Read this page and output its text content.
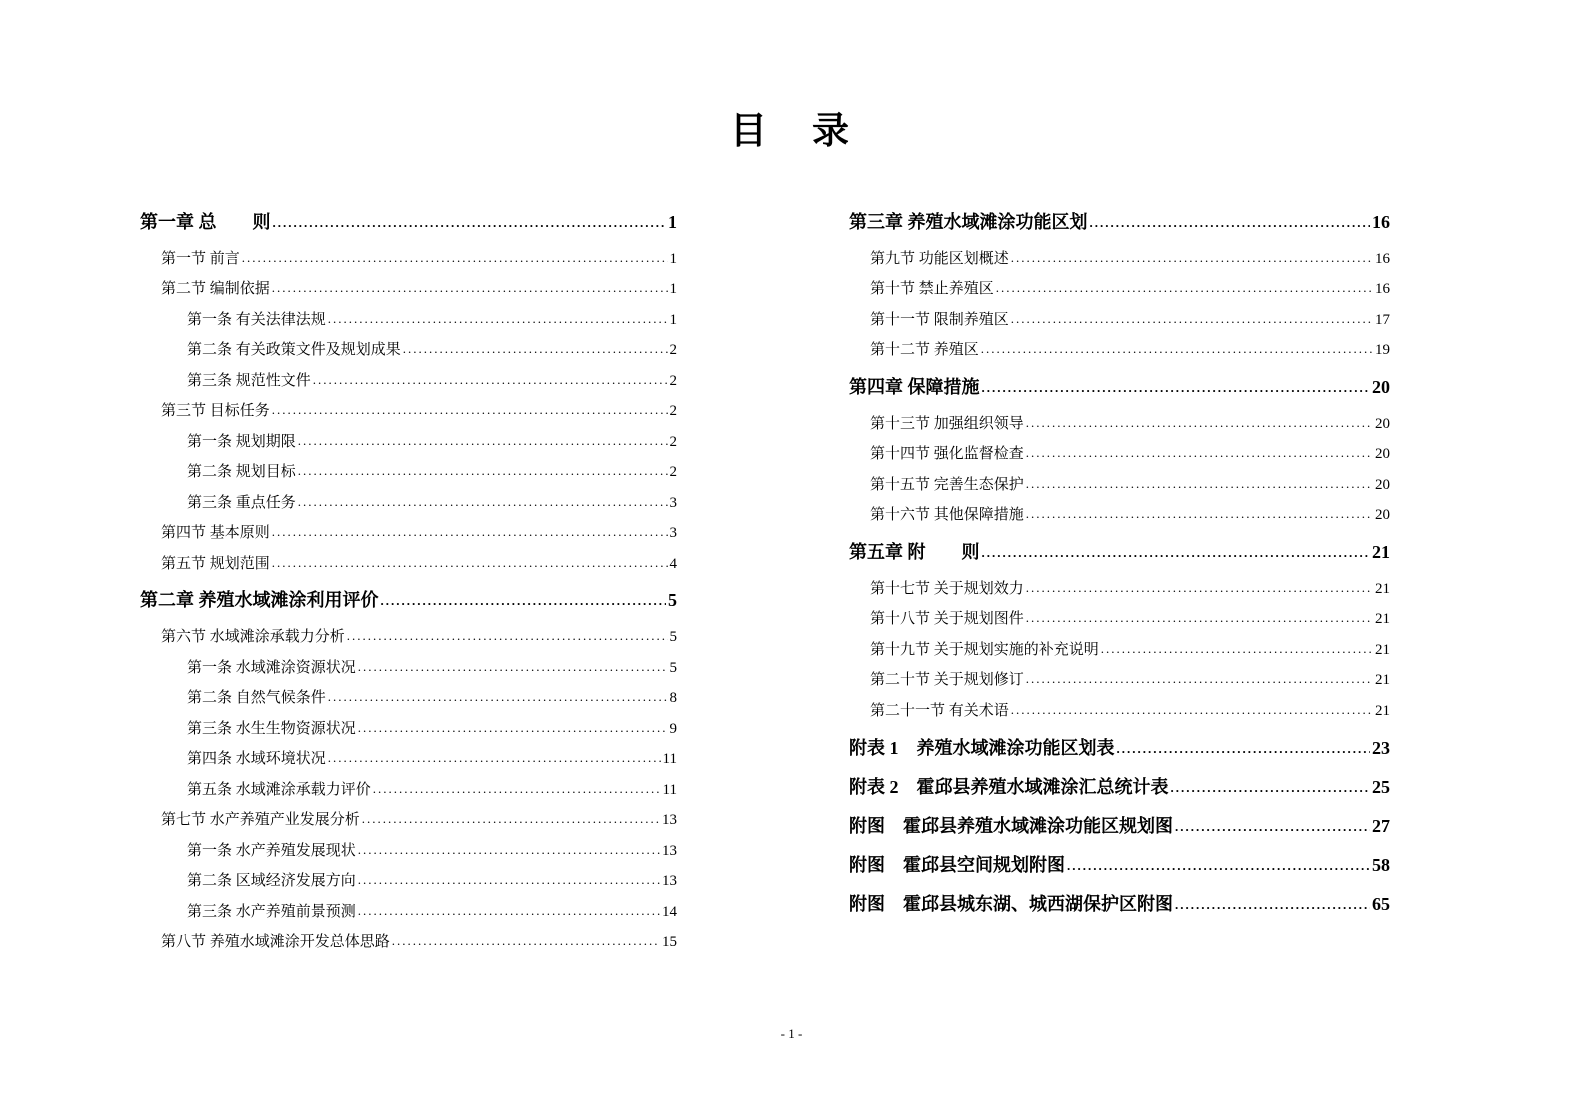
目　录
第一章 总　　则 .....	1
第一节 前言 .....	1
第二节 编制依据 .....	1
第一条 有关法律法规 .....	1
第二条 有关政策文件及规划成果 .....	2
第三条 规范性文件 .....	2
第三节 目标任务 .....	2
第一条 规划期限 .....	2
第二条 规划目标 .....	2
第三条 重点任务 .....	3
第四节 基本原则 .....	3
第五节 规划范围 .....	4
第二章 养殖水域滩涂利用评价 .....	5
第六节 水域滩涂承载力分析 .....	5
第一条 水域滩涂资源状况 .....	5
第二条 自然气候条件 .....	8
第三条 水生生物资源状况 .....	9
第四条 水域环境状况 .....	11
第五条 水域滩涂承载力评价 .....	11
第七节 水产养殖产业发展分析 .....	13
第一条 水产养殖发展现状 .....	13
第二条 区域经济发展方向 .....	13
第三条 水产养殖前景预测 .....	14
第八节 养殖水域滩涂开发总体思路 .....	15
第三章 养殖水域滩涂功能区划 .....	16
第九节 功能区划概述 .....	16
第十节 禁止养殖区 .....	16
第十一节 限制养殖区 .....	17
第十二节 养殖区 .....	19
第四章 保障措施 .....	20
第十三节 加强组织领导 .....	20
第十四节 强化监督检查 .....	20
第十五节 完善生态保护 .....	20
第十六节 其他保障措施 .....	20
第五章 附　　则 .....	21
第十七节 关于规划效力 .....	21
第十八节 关于规划图件 .....	21
第十九节 关于规划实施的补充说明 .....	21
第二十节 关于规划修订 .....	21
第二十一节 有关术语 .....	21
附表 1　养殖水域滩涂功能区划表 .....	23
附表 2　霍邱县养殖水域滩涂汇总统计表 .....	25
附图　霍邱县养殖水域滩涂功能区规划图 .....	27
附图　霍邱县空间规划附图 .....	58
附图　霍邱县城东湖、城西湖保护区附图 .....	65
- 1 -
